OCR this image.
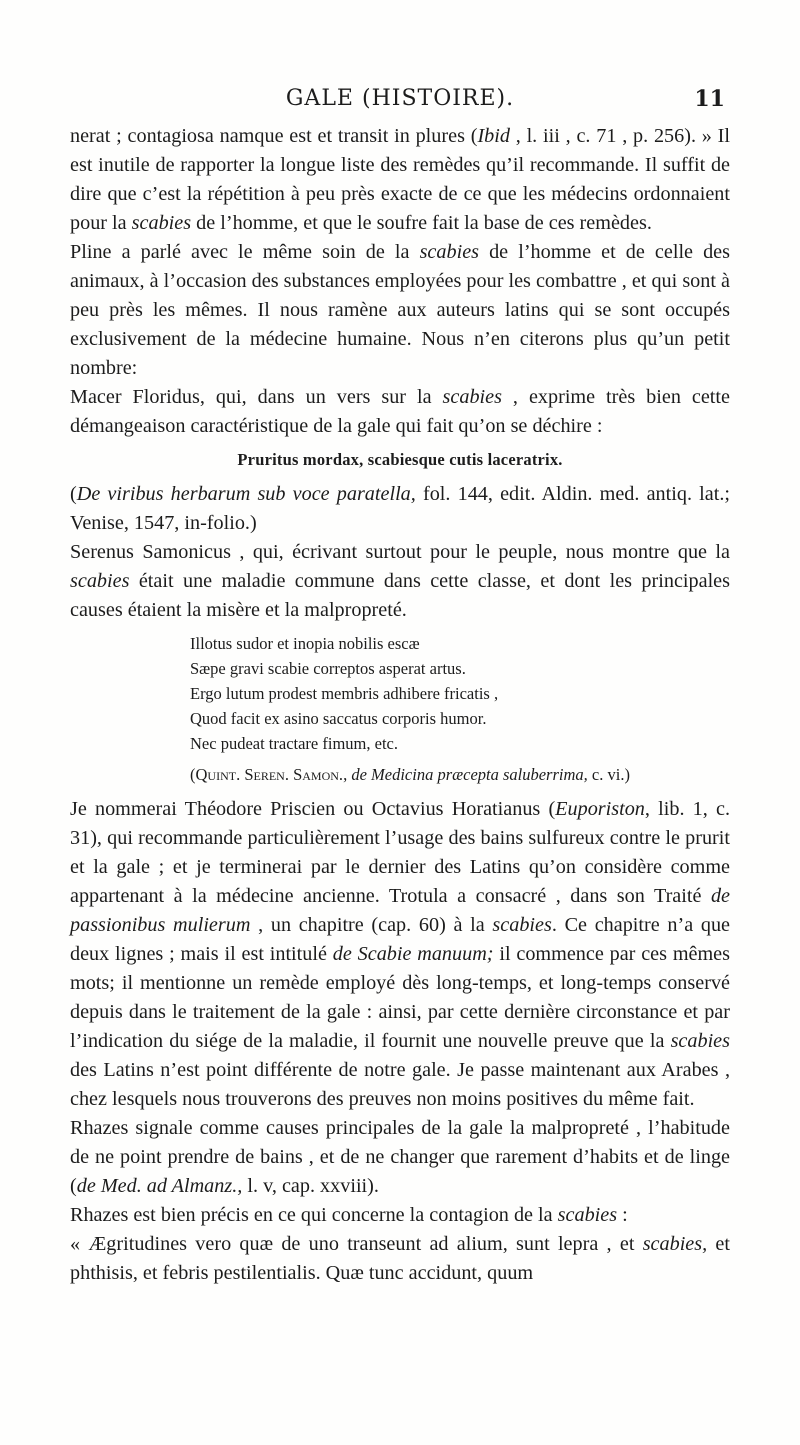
GALE (HISTOIRE).	11

nerat ; contagiosa namque est et transit in plures (Ibid , l. iii , c. 71 , p. 256). » Il est inutile de rapporter la longue liste des remèdes qu’il recommande. Il suffit de dire que c’est la répétition à peu près exacte de ce que les médecins ordonnaient pour la scabies de l’homme, et que le soufre fait la base de ces remèdes.

Pline a parlé avec le même soin de la scabies de l’homme et de celle des animaux, à l’occasion des substances employées pour les combattre , et qui sont à peu près les mêmes. Il nous ramène aux auteurs latins qui se sont occupés exclusivement de la médecine humaine. Nous n’en citerons plus qu’un petit nombre:

Macer Floridus, qui, dans un vers sur la scabies , exprime très bien cette démangeaison caractéristique de la gale qui fait qu’on se déchire :

Pruritus mordax, scabiesque cutis laceratrix.

(De viribus herbarum sub voce paratella, fol. 144, edit. Aldin. med. antiq. lat.; Venise, 1547, in-folio.)

Serenus Samonicus , qui, écrivant surtout pour le peuple, nous montre que la scabies était une maladie commune dans cette classe, et dont les principales causes étaient la misère et la malpropreté.

Illotus sudor et inopia nobilis escæ
Sæpe gravi scabie correptos asperat artus.
Ergo lutum prodest membris adhibere fricatis ,
Quod facit ex asino saccatus corporis humor.
Nec pudeat tractare fimum, etc.
(Quint. Seren. Samon., de Medicina præcepta saluberrima, c. vi.)

Je nommerai Théodore Priscien ou Octavius Horatianus (Euporiston, lib. 1, c. 31), qui recommande particulièrement l’usage des bains sulfureux contre le prurit et la gale ; et je terminerai par le dernier des Latins qu’on considère comme appartenant à la médecine ancienne. Trotula a consacré , dans son Traité de passionibus mulierum , un chapitre (cap. 60) à la scabies. Ce chapitre n’a que deux lignes ; mais il est intitulé de Scabie manuum; il commence par ces mêmes mots; il mentionne un remède employé dès long-temps, et long-temps conservé depuis dans le traitement de la gale : ainsi, par cette dernière circonstance et par l’indication du siége de la maladie, il fournit une nouvelle preuve que la scabies des Latins n’est point différente de notre gale. Je passe maintenant aux Arabes , chez lesquels nous trouverons des preuves non moins positives du même fait.

Rhazes signale comme causes principales de la gale la malpropreté , l’habitude de ne point prendre de bains , et de ne changer que rarement d’habits et de linge (de Med. ad Almanz., l. v, cap. xxviii).

Rhazes est bien précis en ce qui concerne la contagion de la scabies :

« Ægritudines vero quæ de uno transeunt ad alium, sunt lepra , et scabies, et phthisis, et febris pestilentialis. Quæ tunc accidunt, quum
